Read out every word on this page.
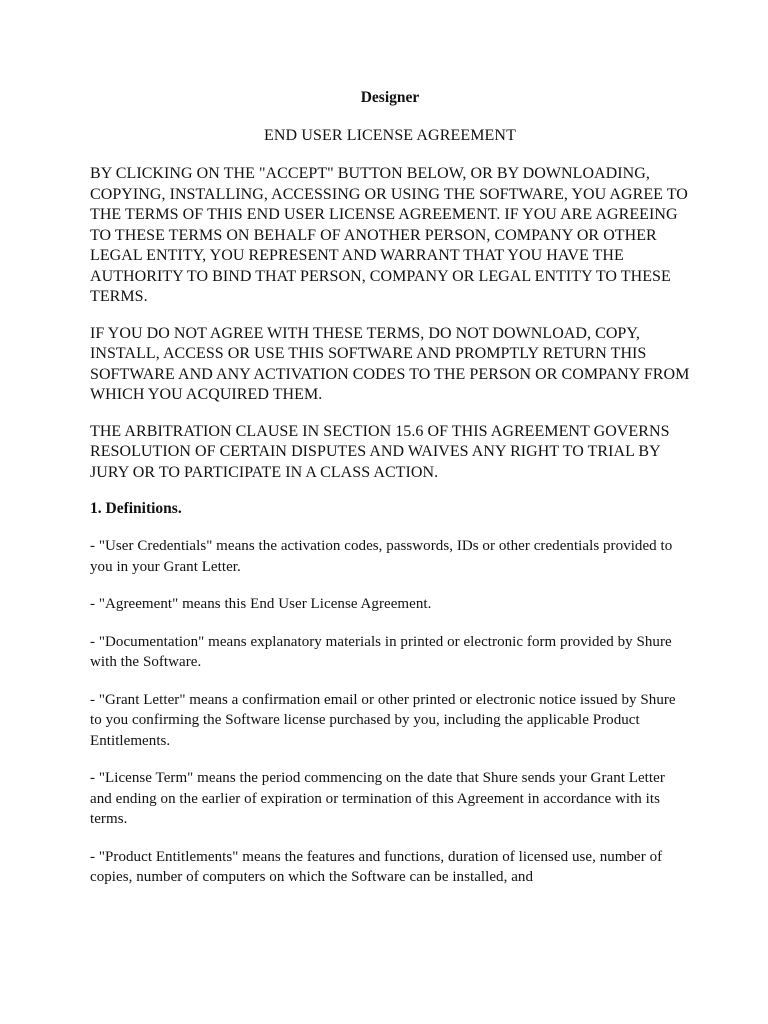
Designer
END USER LICENSE AGREEMENT

BY CLICKING ON THE "ACCEPT" BUTTON BELOW, OR BY DOWNLOADING, COPYING, INSTALLING, ACCESSING OR USING THE SOFTWARE, YOU AGREE TO THE TERMS OF THIS END USER LICENSE AGREEMENT. IF YOU ARE AGREEING TO THESE TERMS ON BEHALF OF ANOTHER PERSON, COMPANY OR OTHER LEGAL ENTITY, YOU REPRESENT AND WARRANT THAT YOU HAVE THE AUTHORITY TO BIND THAT PERSON, COMPANY OR LEGAL ENTITY TO THESE TERMS.

IF YOU DO NOT AGREE WITH THESE TERMS, DO NOT DOWNLOAD, COPY, INSTALL, ACCESS OR USE THIS SOFTWARE AND PROMPTLY RETURN THIS SOFTWARE AND ANY ACTIVATION CODES TO THE PERSON OR COMPANY FROM WHICH YOU ACQUIRED THEM.

THE ARBITRATION CLAUSE IN SECTION 15.6 OF THIS AGREEMENT GOVERNS RESOLUTION OF CERTAIN DISPUTES AND WAIVES ANY RIGHT TO TRIAL BY JURY OR TO PARTICIPATE IN A CLASS ACTION.

1. Definitions.

- "User Credentials" means the activation codes, passwords, IDs or other credentials provided to you in your Grant Letter.

- "Agreement" means this End User License Agreement.

- "Documentation" means explanatory materials in printed or electronic form provided by Shure with the Software.

- "Grant Letter" means a confirmation email or other printed or electronic notice issued by Shure to you confirming the Software license purchased by you, including the applicable Product Entitlements.

- "License Term" means the period commencing on the date that Shure sends your Grant Letter and ending on the earlier of expiration or termination of this Agreement in accordance with its terms.

- "Product Entitlements" means the features and functions, duration of licensed use, number of copies, number of computers on which the Software can be installed, and
